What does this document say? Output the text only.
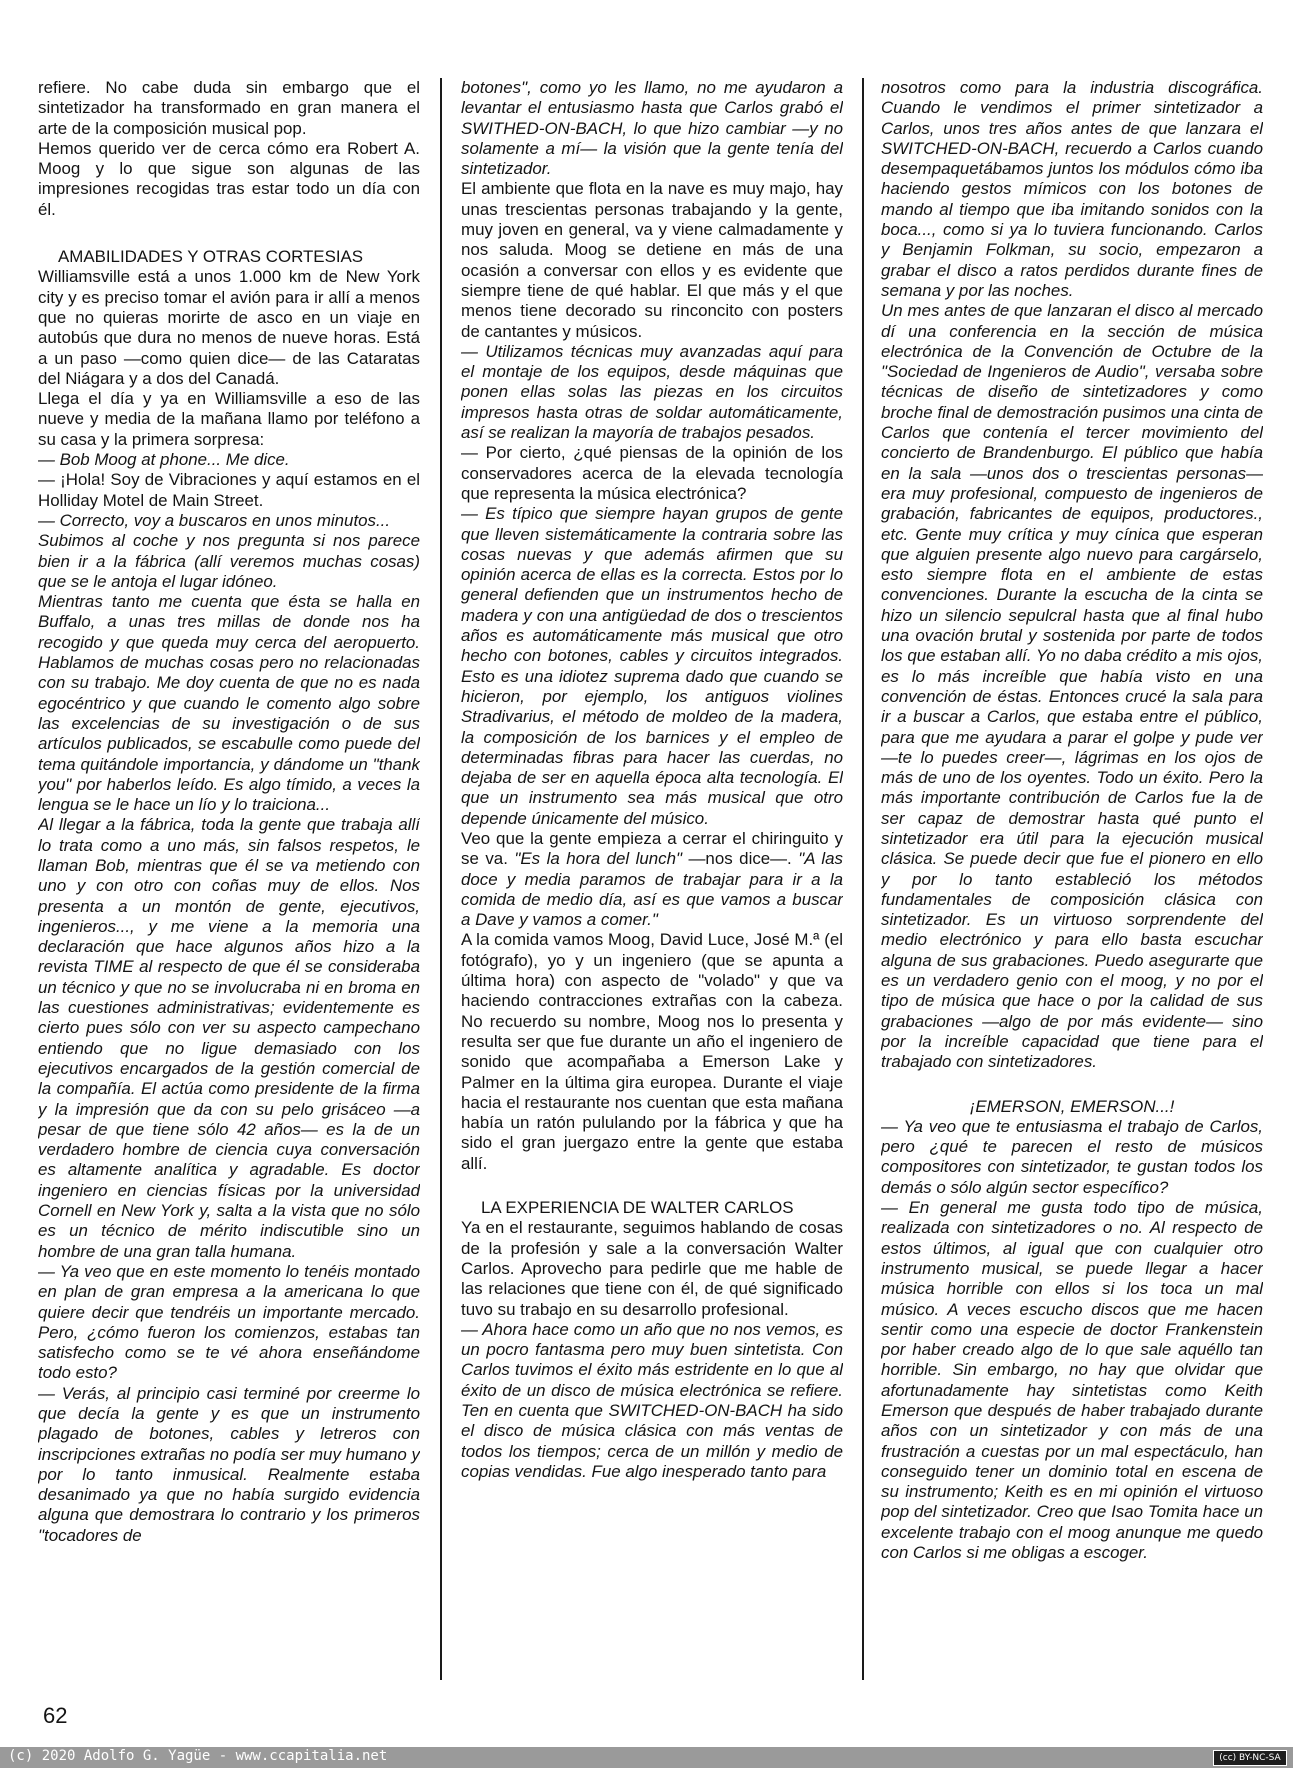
refiere. No cabe duda sin embargo que el sintetizador ha transformado en gran manera el arte de la composición musical pop.

Hemos querido ver de cerca cómo era Robert A. Moog y lo que sigue son algunas de las impresiones recogidas tras estar todo un día con él.

AMABILIDADES Y OTRAS CORTESIAS

Williamsville está a unos 1.000 km de New York city y es preciso tomar el avión para ir allí a menos que no quieras morirte de asco en un viaje en autobús que dura no menos de nueve horas. Está a un paso —como quien dice— de las Cataratas del Niágara y a dos del Canadá.

Llega el día y ya en Williamsville a eso de las nueve y media de la mañana llamo por teléfono a su casa y la primera sorpresa:

— Bob Moog at phone... Me dice.

— ¡Hola! Soy de Vibraciones y aquí estamos en el Holliday Motel de Main Street.

— Correcto, voy a buscaros en unos minutos...

Subimos al coche y nos pregunta si nos parece bien ir a la fábrica (allí veremos muchas cosas) que se le antoja el lugar idóneo.

Mientras tanto me cuenta que ésta se halla en Buffalo, a unas tres millas de donde nos ha recogido y que queda muy cerca del aeropuerto. Hablamos de muchas cosas pero no relacionadas con su trabajo. Me doy cuenta de que no es nada egocéntrico y que cuando le comento algo sobre las excelencias de su investigación o de sus artículos publicados, se escabulle como puede del tema quitándole importancia, y dándome un "thank you" por haberlos leído. Es algo tímido, a veces la lengua se le hace un lío y lo traiciona...

Al llegar a la fábrica, toda la gente que trabaja allí lo trata como a uno más, sin falsos respetos, le llaman Bob, mientras que él se va metiendo con uno y con otro con coñas muy de ellos. Nos presenta a un montón de gente, ejecutivos, ingenieros..., y me viene a la memoria una declaración que hace algunos años hizo a la revista TIME al respecto de que él se consideraba un técnico y que no se involucraba ni en broma en las cuestiones administrativas; evidentemente es cierto pues sólo con ver su aspecto campechano entiendo que no ligue demasiado con los ejecutivos encargados de la gestión comercial de la compañía. El actúa como presidente de la firma y la impresión que da con su pelo grisáceo —a pesar de que tiene sólo 42 años— es la de un verdadero hombre de ciencia cuya conversación es altamente analítica y agradable. Es doctor ingeniero en ciencias físicas por la universidad Cornell en New York y, salta a la vista que no sólo es un técnico de mérito indiscutible sino un hombre de una gran talla humana.

— Ya veo que en este momento lo tenéis montado en plan de gran empresa a la americana lo que quiere decir que tendréis un importante mercado. Pero, ¿cómo fueron los comienzos, estabas tan satisfecho como se te vé ahora enseñándome todo esto?

— Verás, al principio casi terminé por creerme lo que decía la gente y es que un instrumento plagado de botones, cables y letreros con inscripciones extrañas no podía ser muy humano y por lo tanto inmusical. Realmente estaba desanimado ya que no había surgido evidencia alguna que demostrara lo contrario y los primeros "tocadores de

botones", como yo les llamo, no me ayudaron a levantar el entusiasmo hasta que Carlos grabó el SWITHED-ON-BACH, lo que hizo cambiar —y no solamente a mí— la visión que la gente tenía del sintetizador.

El ambiente que flota en la nave es muy majo, hay unas trescientas personas trabajando y la gente, muy joven en general, va y viene calmadamente y nos saluda. Moog se detiene en más de una ocasión a conversar con ellos y es evidente que siempre tiene de qué hablar. El que más y el que menos tiene decorado su rinconcito con posters de cantantes y músicos.

— Utilizamos técnicas muy avanzadas aquí para el montaje de los equipos, desde máquinas que ponen ellas solas las piezas en los circuitos impresos hasta otras de soldar automáticamente, así se realizan la mayoría de trabajos pesados.

— Por cierto, ¿qué piensas de la opinión de los conservadores acerca de la elevada tecnología que representa la música electrónica?

— Es típico que siempre hayan grupos de gente que lleven sistemáticamente la contraria sobre las cosas nuevas y que además afirmen que su opinión acerca de ellas es la correcta. Estos por lo general defienden que un instrumentos hecho de madera y con una antigüedad de dos o trescientos años es automáticamente más musical que otro hecho con botones, cables y circuitos integrados. Esto es una idiotez suprema dado que cuando se hicieron, por ejemplo, los antiguos violines Stradivarius, el método de moldeo de la madera, la composición de los barnices y el empleo de determinadas fibras para hacer las cuerdas, no dejaba de ser en aquella época alta tecnología. El que un instrumento sea más musical que otro depende únicamente del músico.

Veo que la gente empieza a cerrar el chiringuito y se va. "Es la hora del lunch" —nos dice—. "A las doce y media paramos de trabajar para ir a la comida de medio día, así es que vamos a buscar a Dave y vamos a comer."

A la comida vamos Moog, David Luce, José M.ª (el fotógrafo), yo y un ingeniero (que se apunta a última hora) con aspecto de "volado" y que va haciendo contracciones extrañas con la cabeza. No recuerdo su nombre, Moog nos lo presenta y resulta ser que fue durante un año el ingeniero de sonido que acompañaba a Emerson Lake y Palmer en la última gira europea. Durante el viaje hacia el restaurante nos cuentan que esta mañana había un ratón pululando por la fábrica y que ha sido el gran juergazo entre la gente que estaba allí.

LA EXPERIENCIA DE WALTER CARLOS

Ya en el restaurante, seguimos hablando de cosas de la profesión y sale a la conversación Walter Carlos. Aprovecho para pedirle que me hable de las relaciones que tiene con él, de qué significado tuvo su trabajo en su desarrollo profesional.

— Ahora hace como un año que no nos vemos, es un pocro fantasma pero muy buen sintetista. Con Carlos tuvimos el éxito más estridente en lo que al éxito de un disco de música electrónica se refiere. Ten en cuenta que SWITCHED-ON-BACH ha sido el disco de música clásica con más ventas de todos los tiempos; cerca de un millón y medio de copias vendidas. Fue algo inesperado tanto para

nosotros como para la industria discográfica. Cuando le vendimos el primer sintetizador a Carlos, unos tres años antes de que lanzara el SWITCHED-ON-BACH, recuerdo a Carlos cuando desempaquetábamos juntos los módulos cómo iba haciendo gestos mímicos con los botones de mando al tiempo que iba imitando sonidos con la boca..., como si ya lo tuviera funcionando. Carlos y Benjamin Folkman, su socio, empezaron a grabar el disco a ratos perdidos durante fines de semana y por las noches.

Un mes antes de que lanzaran el disco al mercado dí una conferencia en la sección de música electrónica de la Convención de Octubre de la "Sociedad de Ingenieros de Audio", versaba sobre técnicas de diseño de sintetizadores y como broche final de demostración pusimos una cinta de Carlos que contenía el tercer movimiento del concierto de Brandenburgo. El público que había en la sala —unos dos o trescientas personas— era muy profesional, compuesto de ingenieros de grabación, fabricantes de equipos, productores., etc. Gente muy crítica y muy cínica que esperan que alguien presente algo nuevo para cargárselo, esto siempre flota en el ambiente de estas convenciones. Durante la escucha de la cinta se hizo un silencio sepulcral hasta que al final hubo una ovación brutal y sostenida por parte de todos los que estaban allí. Yo no daba crédito a mis ojos, es lo más increíble que había visto en una convención de éstas. Entonces crucé la sala para ir a buscar a Carlos, que estaba entre el público, para que me ayudara a parar el golpe y pude ver —te lo puedes creer—, lágrimas en los ojos de más de uno de los oyentes. Todo un éxito. Pero la más importante contribución de Carlos fue la de ser capaz de demostrar hasta qué punto el sintetizador era útil para la ejecución musical clásica. Se puede decir que fue el pionero en ello y por lo tanto estableció los métodos fundamentales de composición clásica con sintetizador. Es un virtuoso sorprendente del medio electrónico y para ello basta escuchar alguna de sus grabaciones. Puedo asegurarte que es un verdadero genio con el moog, y no por el tipo de música que hace o por la calidad de sus grabaciones —algo de por más evidente— sino por la increíble capacidad que tiene para el trabajado con sintetizadores.

¡EMERSON, EMERSON...!

— Ya veo que te entusiasma el trabajo de Carlos, pero ¿qué te parecen el resto de músicos compositores con sintetizador, te gustan todos los demás o sólo algún sector específico?

— En general me gusta todo tipo de música, realizada con sintetizadores o no. Al respecto de estos últimos, al igual que con cualquier otro instrumento musical, se puede llegar a hacer música horrible con ellos si los toca un mal músico. A veces escucho discos que me hacen sentir como una especie de doctor Frankenstein por haber creado algo de lo que sale aquéllo tan horrible. Sin embargo, no hay que olvidar que afortunadamente hay sintetistas como Keith Emerson que después de haber trabajado durante años con un sintetizador y con más de una frustración a cuestas por un mal espectáculo, han conseguido tener un dominio total en escena de su instrumento; Keith es en mi opinión el virtuoso pop del sintetizador. Creo que Isao Tomita hace un excelente trabajo con el moog anunque me quedo con Carlos si me obligas a escoger.

62
(c) 2020 Adolfo G. Yagüe - www.ccapitalia.net	(cc) BY-NC-SA
